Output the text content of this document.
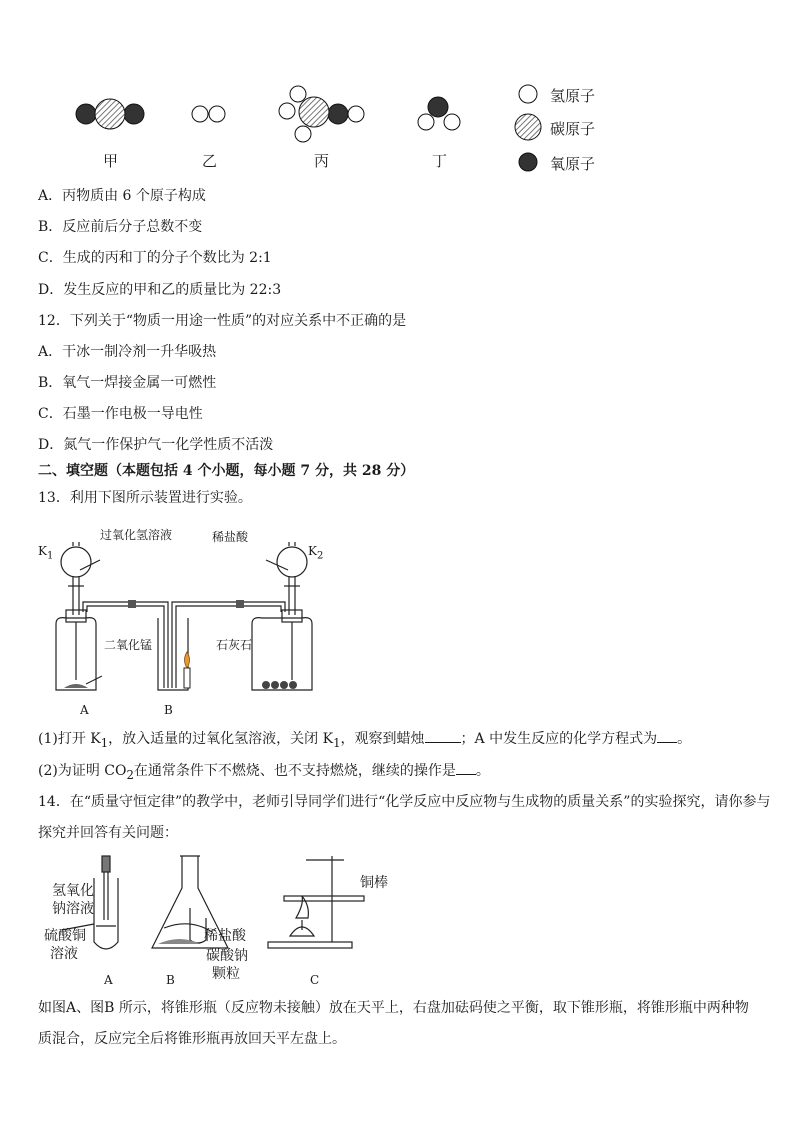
甲	乙	丙	丁
氢原子
碳原子
氧原子
A．丙物质由 6 个原子构成
B．反应前后分子总数不变
C．生成的丙和丁的分子个数比为 2:1
D．发生反应的甲和乙的质量比为 22:3
12．下列关于“物质一用途一性质”的对应关系中不正确的是
A．干冰一制冷剂一升华吸热
B．氧气一焊接金属一可燃性
C．石墨一作电极一导电性
D．氮气一作保护气一化学性质不活泼
二、填空题（本题包括 4 个小题，每小题 7 分，共 28 分）
13．利用下图所示装置进行实验。
$K_1$	$K_2$
过氧化氢溶液	稀盐酸
二氧化锰	石灰石
A	B
(1)打开 $K_1$，放入适量的过氧化氢溶液，关闭 $K_1$，观察到蜡烛	；A 中发生反应的化学方程式为 。
(2)为证明 $CO_2$在通常条件下不燃烧、也不支持燃烧，继续的操作是 。
14．在“质量守恒定律”的教学中，老师引导同学们进行“化学反应中反应物与生成物的质量关系”的实验探究，请你参与
探究并回答有关问题：
氢氧化
钠溶液
硫酸铜
溶液
稀盐酸
碳酸钠
颗粒
铜棒
A	B	C
如图A、图B 所示，将锥形瓶（反应物未接触）放在天平上，右盘加砝码使之平衡，取下锥形瓶，将锥形瓶中两种物
质混合，反应完全后将锥形瓶再放回天平左盘上。
